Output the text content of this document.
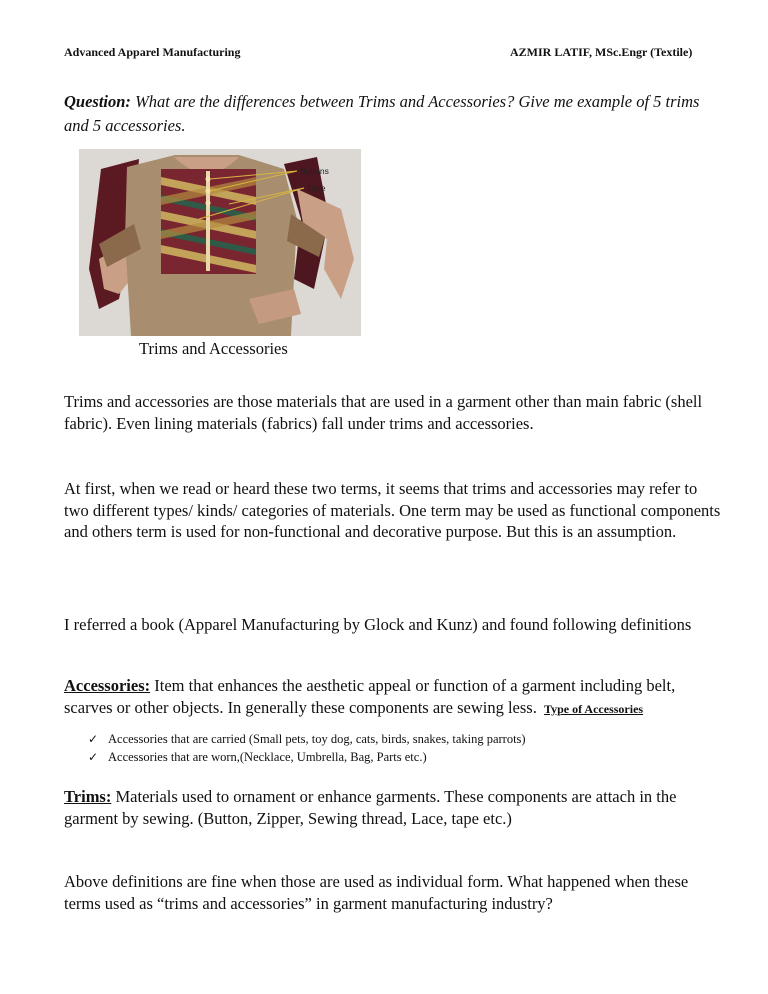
Advanced Apparel Manufacturing	AZMIR LATIF, MSc.Engr (Textile)
Question: What are the differences between Trims and Accessories? Give me example of 5 trims and 5 accessories.
Buttons
Tape
Trims and Accessories

Trims and accessories are those materials that are used in a garment other than main fabric (shell fabric). Even lining materials (fabrics) fall under trims and accessories.

At first, when we read or heard these two terms, it seems that trims and accessories may refer to two different types/ kinds/ categories of materials. One term may be used as functional components and others term is used for non-functional and decorative purpose. But this is an assumption.

I referred a book (Apparel Manufacturing by Glock and Kunz) and found following definitions

Accessories: Item that enhances the aesthetic appeal or function of a garment including belt, scarves or other objects. In generally these components are sewing less. Type of Accessories

✓ Accessories that are carried (Small pets, toy dog, cats, birds, snakes, taking parrots)
✓ Accessories that are worn,(Necklace, Umbrella, Bag, Parts etc.)

Trims: Materials used to ornament or enhance garments. These components are attach in the garment by sewing. (Button, Zipper, Sewing thread, Lace, tape etc.)

Above definitions are fine when those are used as individual form. What happened when these terms used as “trims and accessories” in garment manufacturing industry?
